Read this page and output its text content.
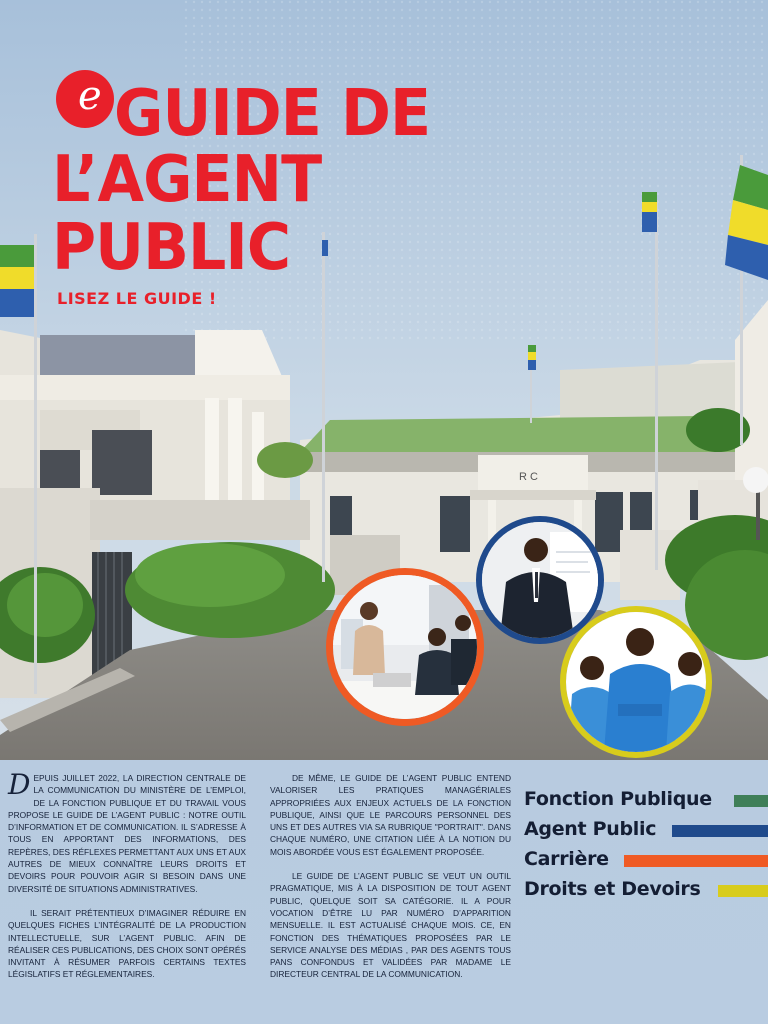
R C
e GUIDE DE
L’AGENT
PUBLIC
LISEZ LE GUIDE !

DEPUIS JUILLET 2022, LA DIRECTION CENTRALE DE LA COMMUNICATION DU MINISTÈRE DE L’EMPLOI, DE LA FONCTION PUBLIQUE ET DU TRAVAIL VOUS PROPOSE LE GUIDE DE L’AGENT PUBLIC : NOTRE OUTIL D’INFORMATION ET DE COMMUNICATION. IL S’ADRESSE À TOUS EN APPORTANT DES INFORMATIONS, DES REPÈRES, DES RÉFLEXES PERMETTANT AUX UNS ET AUX AUTRES DE MIEUX CONNAÎTRE LEURS DROITS ET DEVOIRS POUR POUVOIR AGIR SI BESOIN DANS UNE DIVERSITÉ DE SITUATIONS ADMINISTRATIVES.

IL SERAIT PRÉTENTIEUX D’IMAGINER RÉDUIRE EN QUELQUES FICHES L’INTÉGRALITÉ DE LA PRODUCTION INTELLECTUELLE, SUR L’AGENT PUBLIC. AFIN DE RÉALISER CES PUBLICATIONS, DES CHOIX SONT OPÉRÉS INVITANT À RÉSUMER PARFOIS CERTAINS TEXTES LÉGISLATIFS ET RÉGLEMENTAIRES.

DE MÊME, LE GUIDE DE L’AGENT PUBLIC ENTEND VALORISER LES PRATIQUES MANAGÉRIALES APPROPRIÉES AUX ENJEUX ACTUELS DE LA FONCTION PUBLIQUE, AINSI QUE LE PARCOURS PERSONNEL DES UNS ET DES AUTRES VIA SA RUBRIQUE "PORTRAIT". DANS CHAQUE NUMÉRO, UNE CITATION LIÉE À LA NOTION DU MOIS ABORDÉE VOUS EST ÉGALEMENT PROPOSÉE.

LE GUIDE DE L’AGENT PUBLIC SE VEUT UN OUTIL PRAGMATIQUE, MIS À LA DISPOSITION DE TOUT AGENT PUBLIC, QUELQUE SOIT SA CATÉGORIE. IL A POUR VOCATION D’ÊTRE LU PAR NUMÉRO D’APPARITION MENSUELLE. IL EST ACTUALISÉ CHAQUE MOIS. CE, EN FONCTION DES THÉMATIQUES PROPOSÉES PAR LE SERVICE ANALYSE DES MÉDIAS , PAR DES AGENTS TOUS PANS CONFONDUS ET VALIDÉES PAR MADAME LE DIRECTEUR CENTRAL DE LA COMMUNICATION.

Fonction Publique
Agent Public
Carrière
Droits et Devoirs
